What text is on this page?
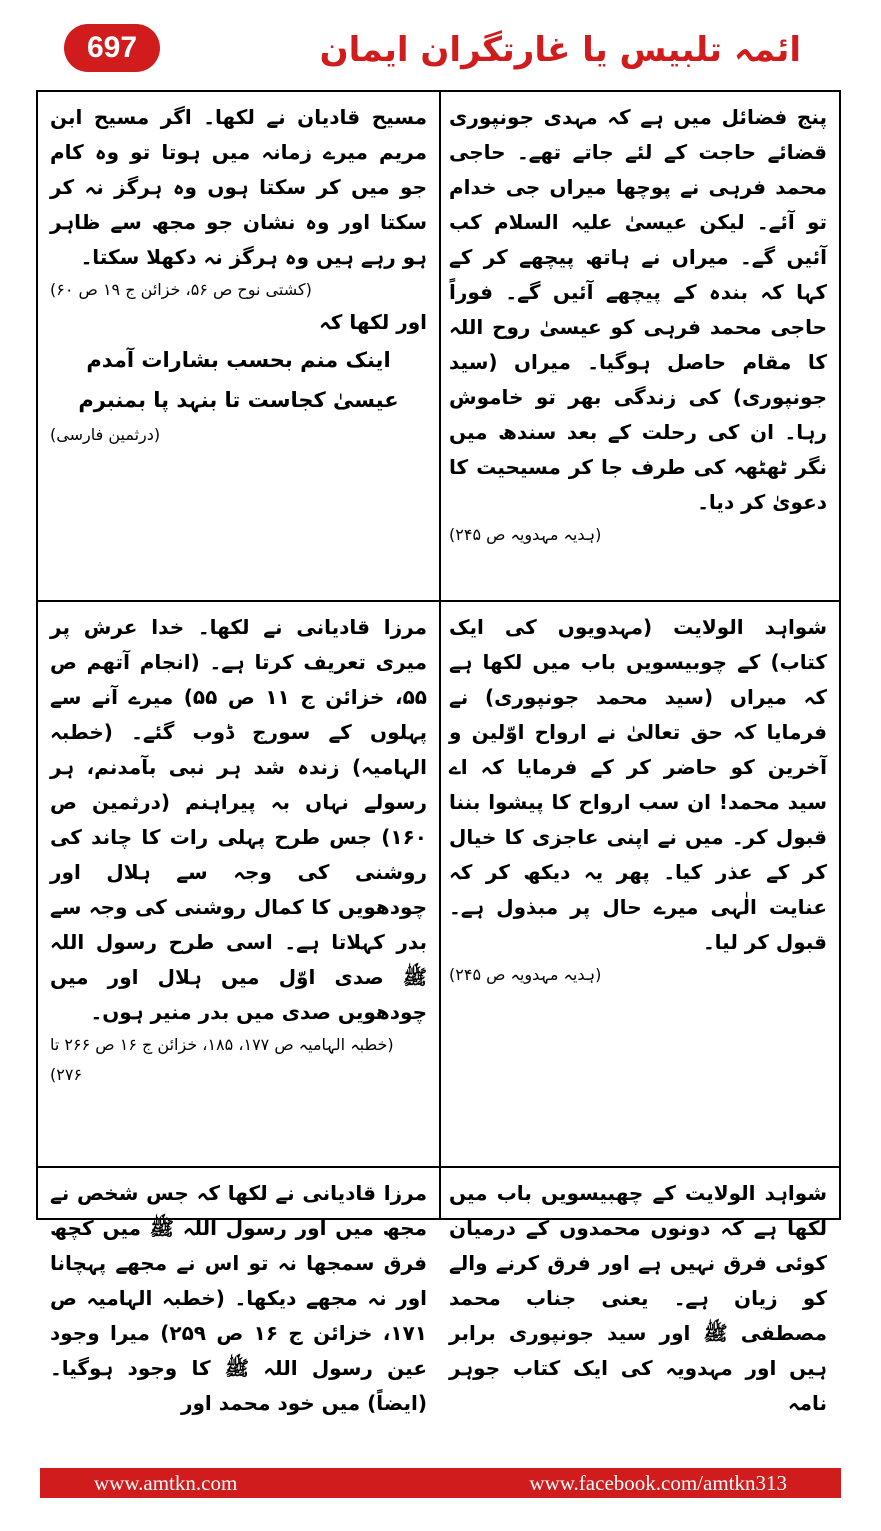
697	ائمہ تلبیس یا غارتگران ایمان

پنج فضائل میں ہے کہ مہدی جونپوری قضائے حاجت کے لئے جاتے تھے۔ حاجی محمد فرہی نے پوچھا میراں جی خدام تو آئے۔ لیکن عیسیٰ علیہ السلام کب آئیں گے۔ میراں نے ہاتھ پیچھے کر کے کہا کہ بندہ کے پیچھے آئیں گے۔ فوراً حاجی محمد فرہی کو عیسیٰ روح اللہ کا مقام حاصل ہوگیا۔ میراں (سید جونپوری) کی زندگی بھر تو خاموش رہا۔ ان کی رحلت کے بعد سندھ میں نگر ٹھٹھہ کی طرف جا کر مسیحیت کا دعویٰ کر دیا۔

(ہدیہ مہدویہ ص ۲۴۵)

مسیح قادیان نے لکھا۔ اگر مسیح ابن مریم میرے زمانہ میں ہوتا تو وہ کام جو میں کر سکتا ہوں وہ ہرگز نہ کر سکتا اور وہ نشان جو مجھ سے ظاہر ہو رہے ہیں وہ ہرگز نہ دکھلا سکتا۔

(کشتی نوح ص ۵۶، خزائن ج ۱۹ ص ۶۰)

اور لکھا کہ

اینک منم بحسب بشارات آمدم

عیسیٰ کجاست تا بنہد پا بمنبرم

(درثمین فارسی)

شواہد الولایت (مہدویوں کی ایک کتاب) کے چوبیسویں باب میں لکھا ہے کہ میراں (سید محمد جونپوری) نے فرمایا کہ حق تعالیٰ نے ارواح اوّلین و آخرین کو حاضر کر کے فرمایا کہ اے سید محمد! ان سب ارواح کا پیشوا بننا قبول کر۔ میں نے اپنی عاجزی کا خیال کر کے عذر کیا۔ پھر یہ دیکھ کر کہ عنایت الٰہی میرے حال پر مبذول ہے۔ قبول کر لیا۔

(ہدیہ مہدویہ ص ۲۴۵)

مرزا قادیانی نے لکھا۔ خدا عرش پر میری تعریف کرتا ہے۔ (انجام آتھم ص ۵۵، خزائن ج ۱۱ ص ۵۵) میرے آنے سے پہلوں کے سورج ڈوب گئے۔ (خطبہ الہامیہ) زندہ شد ہر نبی بآمدنم، ہر رسولے نہاں بہ پیراہنم (درثمین ص ۱۶۰) جس طرح پہلی رات کا چاند کی روشنی کی وجہ سے ہلال اور چودھویں کا کمال روشنی کی وجہ سے بدر کہلاتا ہے۔ اسی طرح رسول اللہ ﷺ صدی اوّل میں ہلال اور میں چودھویں صدی میں بدر منیر ہوں۔

(خطبہ الہامیہ ص ۱۷۷، ۱۸۵، خزائن ج ۱۶ ص ۲۶۶ تا ۲۷۶)

شواہد الولایت کے چھبیسویں باب میں لکھا ہے کہ دونوں محمدوں کے درمیان کوئی فرق نہیں ہے اور فرق کرنے والے کو زیان ہے۔ یعنی جناب محمد مصطفی ﷺ اور سید جونپوری برابر ہیں اور مہدویہ کی ایک کتاب جوہر نامہ

مرزا قادیانی نے لکھا کہ جس شخص نے مجھ میں اور رسول اللہ ﷺ میں کچھ فرق سمجھا نہ تو اس نے مجھے پہچانا اور نہ مجھے دیکھا۔ (خطبہ الہامیہ ص ۱۷۱، خزائن ج ۱۶ ص ۲۵۹) میرا وجود عین رسول اللہ ﷺ کا وجود ہوگیا۔ (ایضاً) میں خود محمد اور

www.amtkn.com	www.facebook.com/amtkn313
